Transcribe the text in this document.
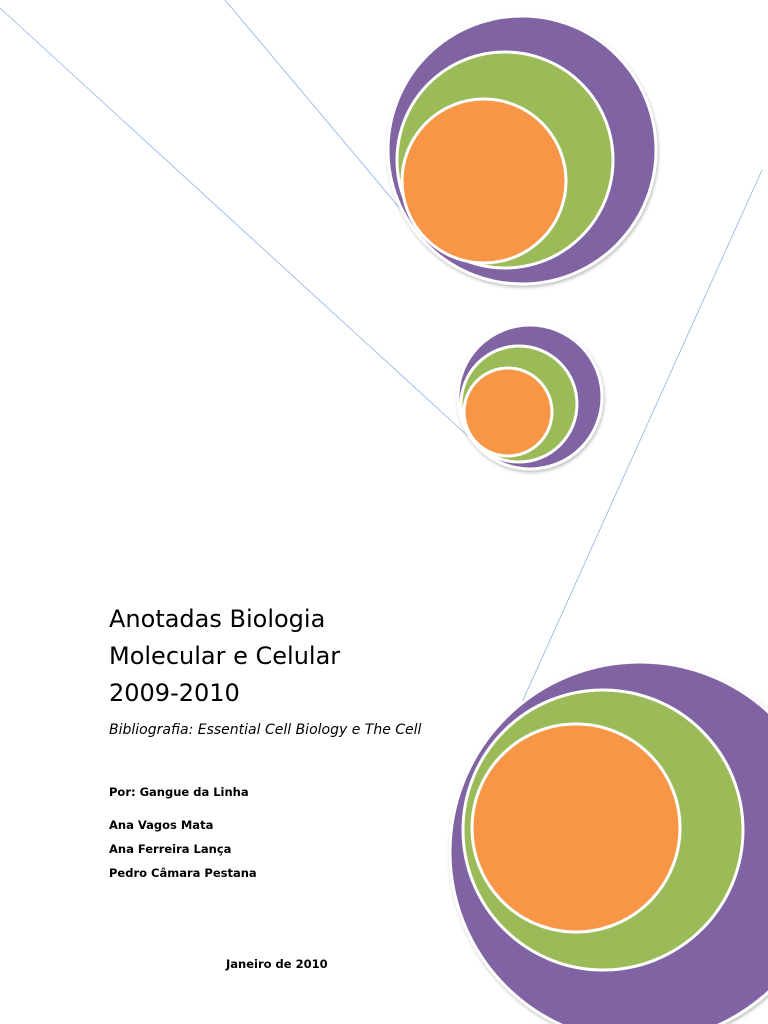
Anotadas Biologia
Molecular e Celular
2009-2010
Bibliografia: Essential Cell Biology e The Cell
Por: Gangue da Linha
Ana Vagos Mata
Ana Ferreira Lança
Pedro Câmara Pestana
Janeiro de 2010
